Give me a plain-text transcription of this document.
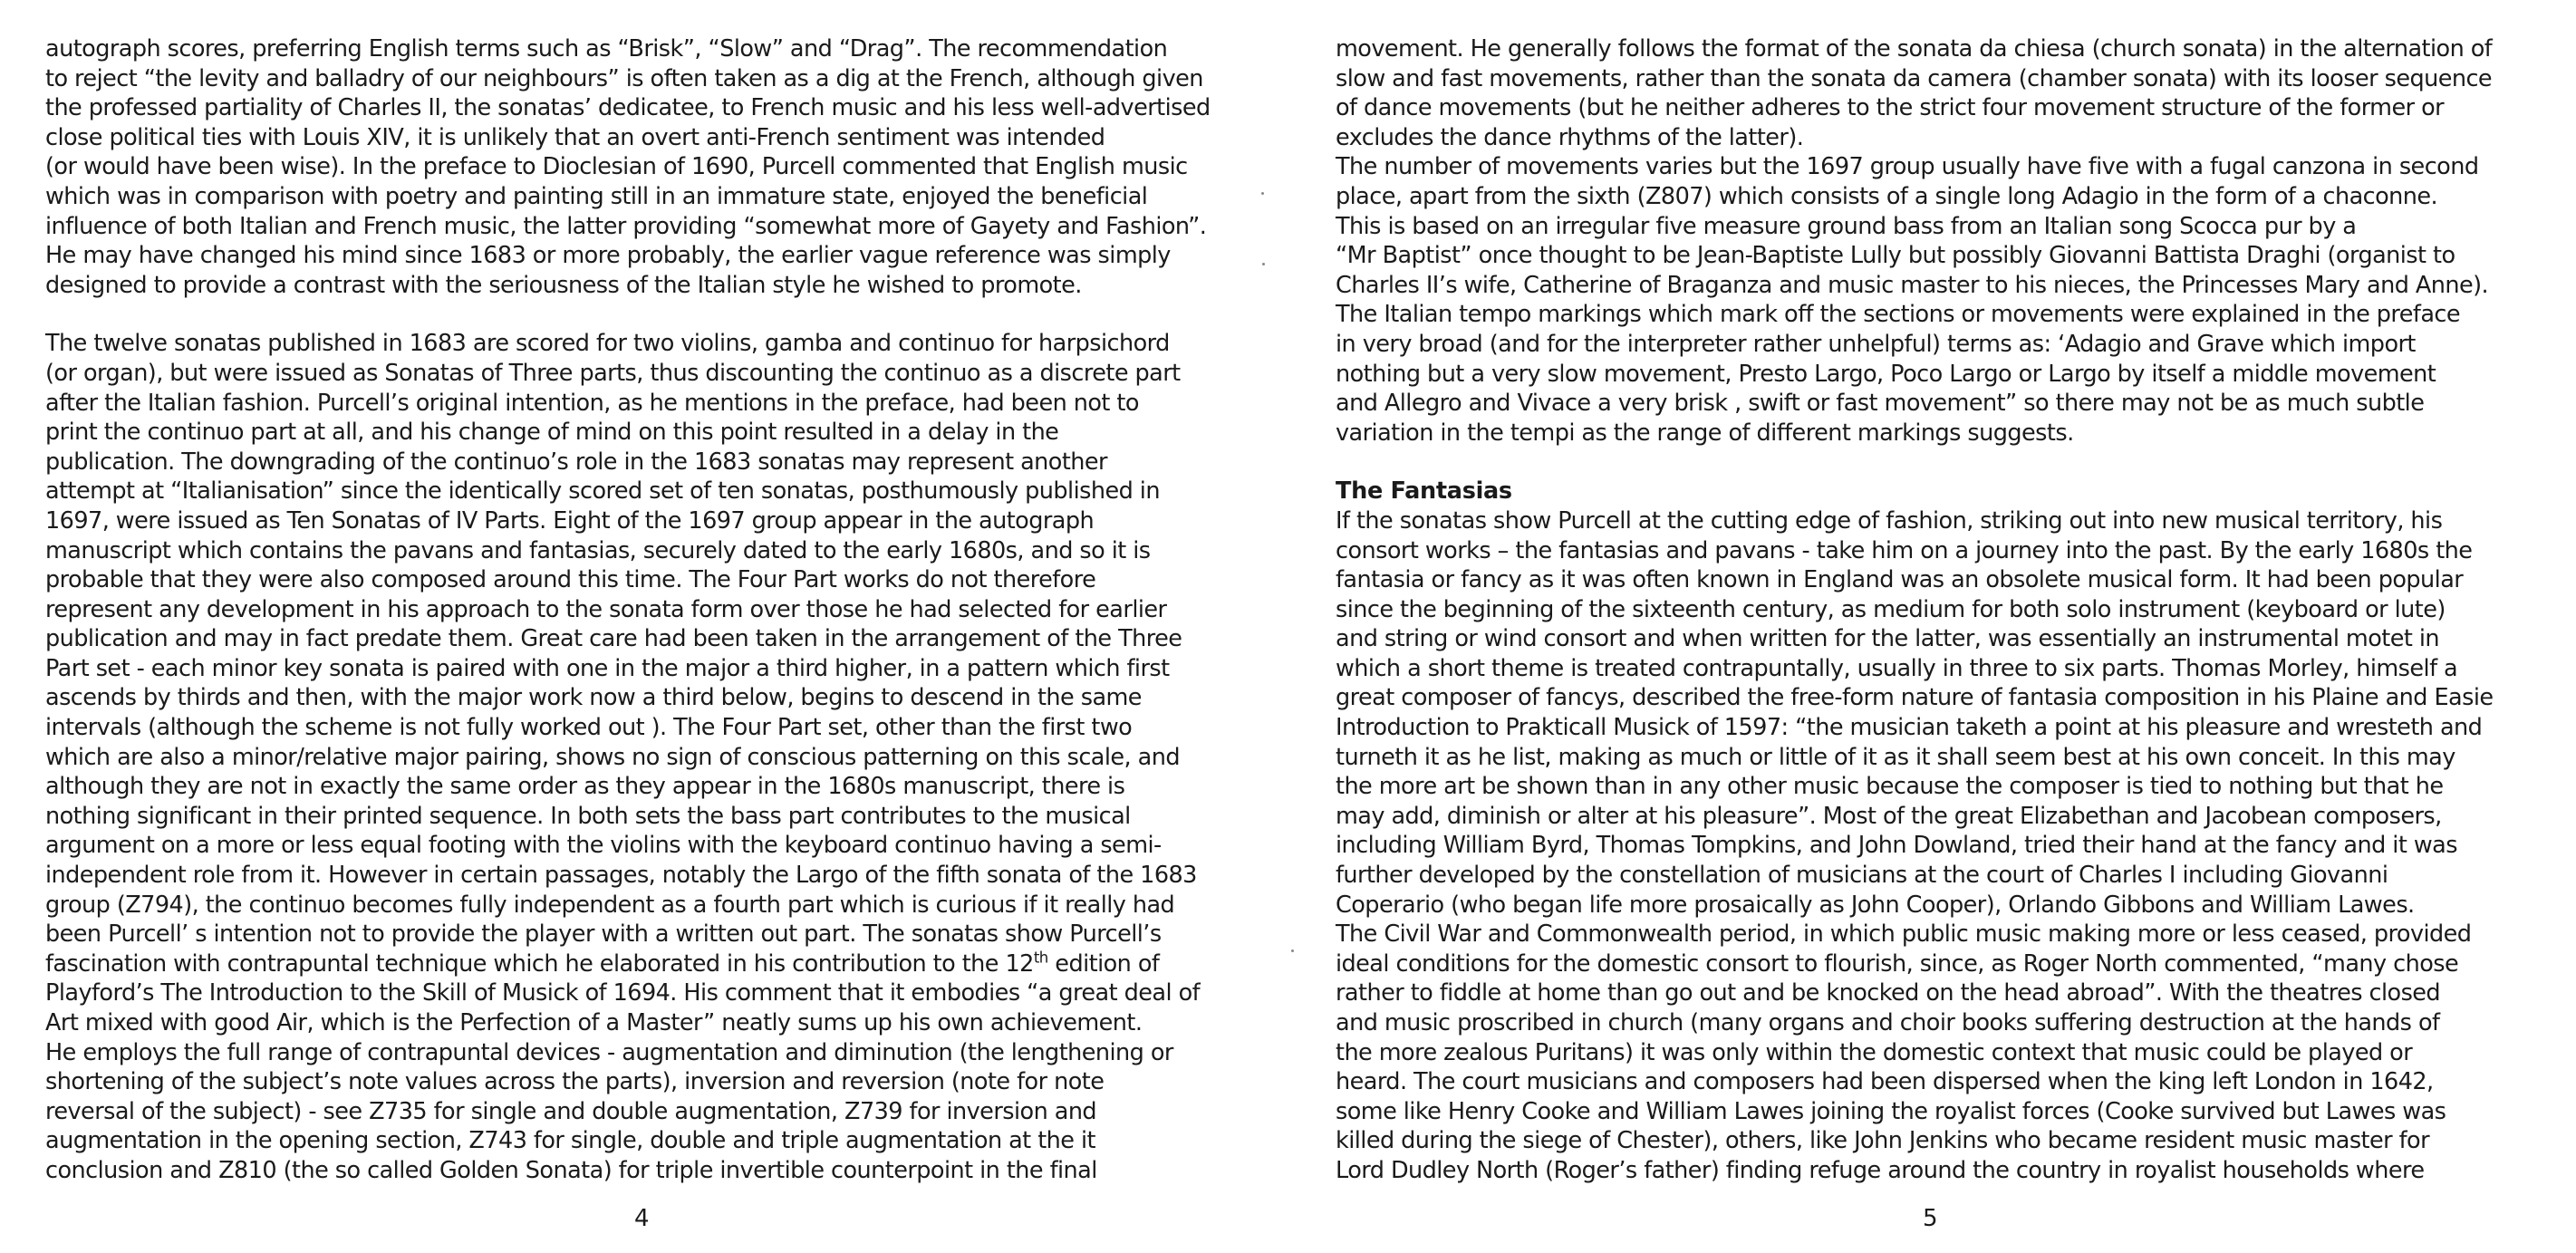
autograph scores, preferring English terms such as “Brisk”, “Slow” and “Drag”. The recommendation
to reject “the levity and balladry of our neighbours” is often taken as a dig at the French, although given
the professed partiality of Charles II, the sonatas’ dedicatee, to French music and his less well-advertised
close political ties with Louis XIV, it is unlikely that an overt anti-French sentiment was intended
(or would have been wise). In the preface to Dioclesian of 1690, Purcell commented that English music
which was in comparison with poetry and painting still in an immature state, enjoyed the beneficial
influence of both Italian and French music, the latter providing “somewhat more of Gayety and Fashion”.
He may have changed his mind since 1683 or more probably, the earlier vague reference was simply
designed to provide a contrast with the seriousness of the Italian style he wished to promote.
The twelve sonatas published in 1683 are scored for two violins, gamba and continuo for harpsichord
(or organ), but were issued as Sonatas of Three parts, thus discounting the continuo as a discrete part
after the Italian fashion. Purcell’s original intention, as he mentions in the preface, had been not to
print the continuo part at all, and his change of mind on this point resulted in a delay in the
publication. The downgrading of the continuo’s role in the 1683 sonatas may represent another
attempt at “Italianisation” since the identically scored set of ten sonatas, posthumously published in
1697, were issued as Ten Sonatas of IV Parts. Eight of the 1697 group appear in the autograph
manuscript which contains the pavans and fantasias, securely dated to the early 1680s, and so it is
probable that they were also composed around this time. The Four Part works do not therefore
represent any development in his approach to the sonata form over those he had selected for earlier
publication and may in fact predate them. Great care had been taken in the arrangement of the Three
Part set - each minor key sonata is paired with one in the major a third higher, in a pattern which first
ascends by thirds and then, with the major work now a third below, begins to descend in the same
intervals (although the scheme is not fully worked out ). The Four Part set, other than the first two
which are also a minor/relative major pairing, shows no sign of conscious patterning on this scale, and
although they are not in exactly the same order as they appear in the 1680s manuscript, there is
nothing significant in their printed sequence. In both sets the bass part contributes to the musical
argument on a more or less equal footing with the violins with the keyboard continuo having a semi-
independent role from it. However in certain passages, notably the Largo of the fifth sonata of the 1683
group (Z794), the continuo becomes fully independent as a fourth part which is curious if it really had
been Purcell’ s intention not to provide the player with a written out part. The sonatas show Purcell’s
fascination with contrapuntal technique which he elaborated in his contribution to the 12th edition of
Playford’s The Introduction to the Skill of Musick of 1694. His comment that it embodies “a great deal of
Art mixed with good Air, which is the Perfection of a Master” neatly sums up his own achievement.
He employs the full range of contrapuntal devices - augmentation and diminution (the lengthening or
shortening of the subject’s note values across the parts), inversion and reversion (note for note
reversal of the subject) - see Z735 for single and double augmentation, Z739 for inversion and
augmentation in the opening section, Z743 for single, double and triple augmentation at the it
conclusion and Z810 (the so called Golden Sonata) for triple invertible counterpoint in the final
4
movement. He generally follows the format of the sonata da chiesa (church sonata) in the alternation of
slow and fast movements, rather than the sonata da camera (chamber sonata) with its looser sequence
of dance movements (but he neither adheres to the strict four movement structure of the former or
excludes the dance rhythms of the latter).
The number of movements varies but the 1697 group usually have five with a fugal canzona in second
place, apart from the sixth (Z807) which consists of a single long Adagio in the form of a chaconne.
This is based on an irregular five measure ground bass from an Italian song Scocca pur by a
“Mr Baptist” once thought to be Jean-Baptiste Lully but possibly Giovanni Battista Draghi (organist to
Charles II’s wife, Catherine of Braganza and music master to his nieces, the Princesses Mary and Anne).
The Italian tempo markings which mark off the sections or movements were explained in the preface
in very broad (and for the interpreter rather unhelpful) terms as: ‘Adagio and Grave which import
nothing but a very slow movement, Presto Largo, Poco Largo or Largo by itself a middle movement
and Allegro and Vivace a very brisk , swift or fast movement” so there may not be as much subtle
variation in the tempi as the range of different markings suggests.
The Fantasias
If the sonatas show Purcell at the cutting edge of fashion, striking out into new musical territory, his
consort works – the fantasias and pavans - take him on a journey into the past. By the early 1680s the
fantasia or fancy as it was often known in England was an obsolete musical form. It had been popular
since the beginning of the sixteenth century, as medium for both solo instrument (keyboard or lute)
and string or wind consort and when written for the latter, was essentially an instrumental motet in
which a short theme is treated contrapuntally, usually in three to six parts. Thomas Morley, himself a
great composer of fancys, described the free-form nature of fantasia composition in his Plaine and Easie
Introduction to Prakticall Musick of 1597: “the musician taketh a point at his pleasure and wresteth and
turneth it as he list, making as much or little of it as it shall seem best at his own conceit. In this may
the more art be shown than in any other music because the composer is tied to nothing but that he
may add, diminish or alter at his pleasure”. Most of the great Elizabethan and Jacobean composers,
including William Byrd, Thomas Tompkins, and John Dowland, tried their hand at the fancy and it was
further developed by the constellation of musicians at the court of Charles I including Giovanni
Coperario (who began life more prosaically as John Cooper), Orlando Gibbons and William Lawes.
The Civil War and Commonwealth period, in which public music making more or less ceased, provided
ideal conditions for the domestic consort to flourish, since, as Roger North commented, “many chose
rather to fiddle at home than go out and be knocked on the head abroad”. With the theatres closed
and music proscribed in church (many organs and choir books suffering destruction at the hands of
the more zealous Puritans) it was only within the domestic context that music could be played or
heard. The court musicians and composers had been dispersed when the king left London in 1642,
some like Henry Cooke and William Lawes joining the royalist forces (Cooke survived but Lawes was
killed during the siege of Chester), others, like John Jenkins who became resident music master for
Lord Dudley North (Roger’s father) finding refuge around the country in royalist households where
5
